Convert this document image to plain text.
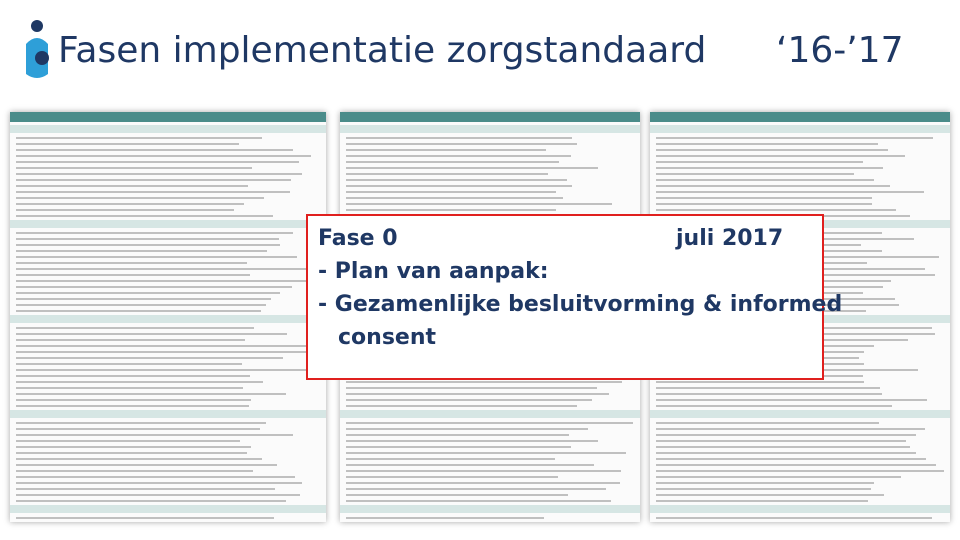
Fasen implementatie zorgstandaard ‘16-’17
Fase 0	juli 2017
- Plan van aanpak:
- Gezamenlijke besluitvorming & informed
consent
